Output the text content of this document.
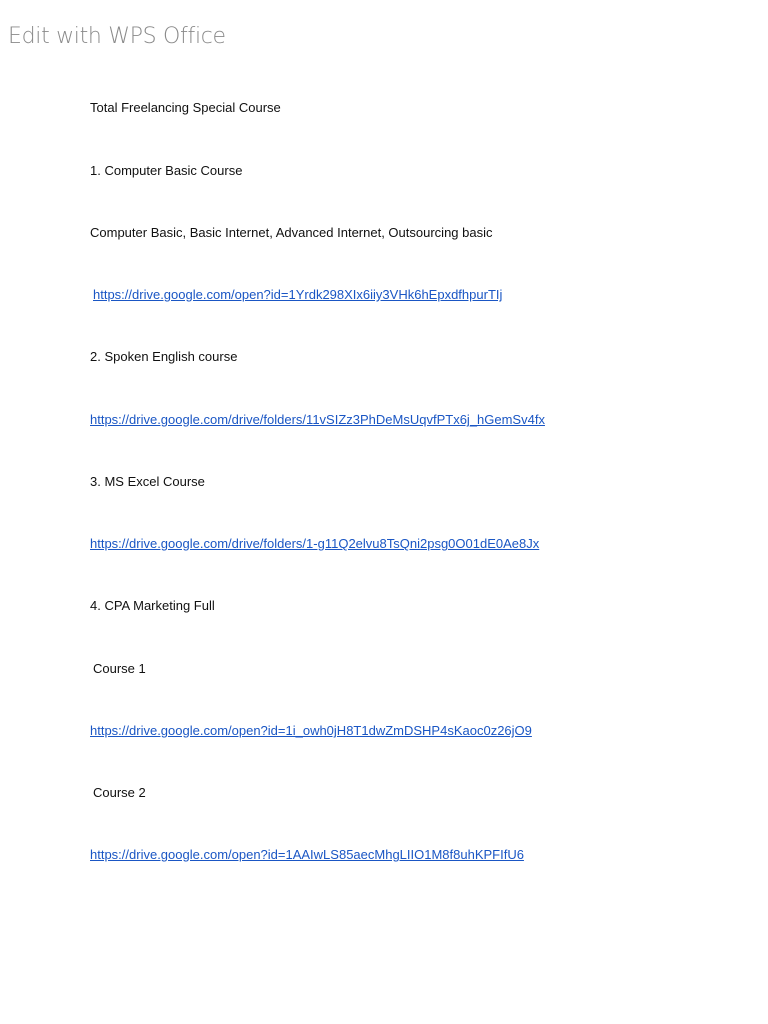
Edit with WPS Office
Total Freelancing Special Course
1. Computer Basic Course
Computer Basic, Basic Internet, Advanced Internet, Outsourcing basic
https://drive.google.com/open?id=1Yrdk298XIx6iiy3VHk6hEpxdfhpurTIj
2. Spoken English course
https://drive.google.com/drive/folders/11vSIZz3PhDeMsUqvfPTx6j_hGemSv4fx
3. MS Excel Course
https://drive.google.com/drive/folders/1-g11Q2elvu8TsQni2psg0O01dE0Ae8Jx
4. CPA Marketing Full
Course 1
https://drive.google.com/open?id=1i_owh0jH8T1dwZmDSHP4sKaoc0z26jO9
Course 2
https://drive.google.com/open?id=1AAIwLS85aecMhgLIIO1M8f8uhKPFIfU6
